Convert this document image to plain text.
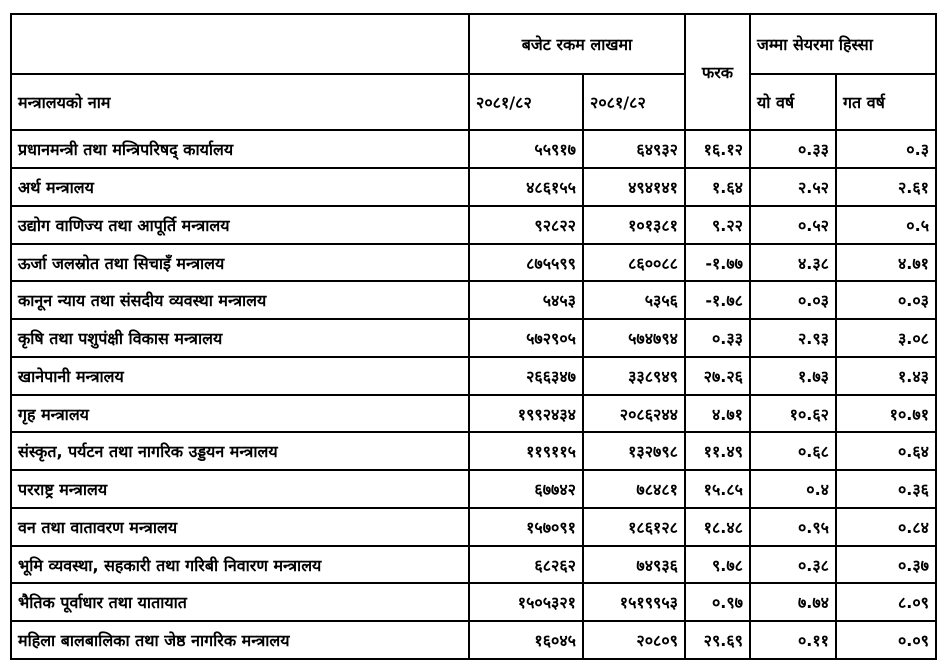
	बजेट रकम लाखमा		फरक	जम्मा सेयरमा हिस्सा	
मन्त्रालयको नाम	२०८१/८२	२०८१/८२		यो वर्ष	गत वर्ष
प्रधानमन्त्री तथा मन्त्रिपरिषद् कार्यालय	५५९१७	६४९३२	१६.१२	०.३३	०.३
अर्थ मन्त्रालय	४८६१५५	४९४१४१	१.६४	२.५२	२.६१
उद्योग वाणिज्य तथा आपूर्ति मन्त्रालय	९२८२२	१०१३८१	९.२२	०.५२	०.५
ऊर्जा जलस्रोत तथा सिचाइँ मन्त्रालय	८७५५९९	८६००८८	-१.७७	४.३८	४.७१
कानून न्याय तथा संसदीय व्यवस्था मन्त्रालय	५४५३	५३५६	-१.७८	०.०३	०.०३
कृषि तथा पशुपंक्षी विकास मन्त्रालय	५७२९०५	५७४७९४	०.३३	२.९३	३.०८
खानेपानी मन्त्रालय	२६६३४७	३३८९४९	२७.२६	१.७३	१.४३
गृह मन्त्रालय	१९९२४३४	२०८६२४४	४.७१	१०.६२	१०.७१
संस्कृत, पर्यटन तथा नागरिक उड्डयन मन्त्रालय	११९११५	१३२७९८	११.४९	०.६८	०.६४
परराष्ट्र मन्त्रालय	६७७४२	७८४८१	१५.८५	०.४	०.३६
वन तथा वातावरण मन्त्रालय	१५७०९१	१८६१२८	१८.४८	०.९५	०.८४
भूमि व्यवस्था, सहकारी तथा गरिबी निवारण मन्त्रालय	६८२६२	७४९३६	९.७८	०.३८	०.३७
भैतिक पूर्वाधार तथा यातायात	१५०५३२१	१५१९९५३	०.९७	७.७४	८.०९
महिला बालबालिका तथा जेष्ठ नागरिक मन्त्रालय	१६०४५	२०८०९	२९.६९	०.११	०.०९
